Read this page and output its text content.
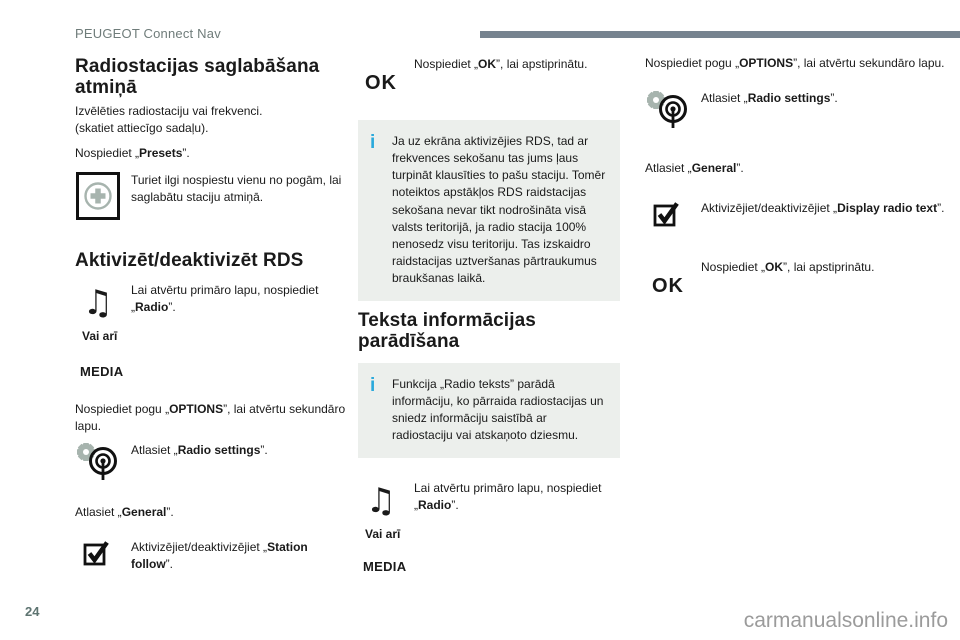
PEUGEOT Connect Nav
Radiostacijas saglabāšana atmiņā
Izvēlēties radiostaciju vai frekvenci.
(skatiet attiecīgo sadaļu).
Nospiediet „Presets”.
Turiet ilgi nospiestu vienu no pogām, lai saglabātu staciju atmiņā.
Aktivizēt/deaktivizēt RDS
♫ Lai atvērtu primāro lapu, nospiediet „Radio”.
Vai arī
MEDIA
Nospiediet pogu „OPTIONS”, lai atvērtu sekundāro lapu.
Atlasiet „Radio settings”.
Atlasiet „General”.
Aktivizējiet/deaktivizējiet „Station follow”.
OK
Nospiediet „OK”, lai apstiprinātu.
i	Ja uz ekrāna aktivizējies RDS, tad ar frekvences sekošanu tas jums ļaus turpināt klausīties to pašu staciju. Tomēr noteiktos apstākļos RDS raidstacijas sekošana nevar tikt nodrošināta visā valsts teritorijā, ja radio stacija 100% nenosedz visu teritoriju. Tas izskaidro raidstacijas uztveršanas pārtraukumus braukšanas laikā.
Teksta informācijas parādīšana
i	Funkcija „Radio teksts” parādā informāciju, ko pārraida radiostacijas un sniedz informāciju saistībā ar radiostaciju vai atskaņoto dziesmu.
♫ Lai atvērtu primāro lapu, nospiediet „Radio”.
Vai arī
MEDIA
Nospiediet pogu „OPTIONS”, lai atvērtu sekundāro lapu.
Atlasiet „Radio settings”.
Atlasiet „General”.
Aktivizējiet/deaktivizējiet „Display radio text”.
OK
Nospiediet „OK”, lai apstiprinātu.
24	carmanualsonline.info
